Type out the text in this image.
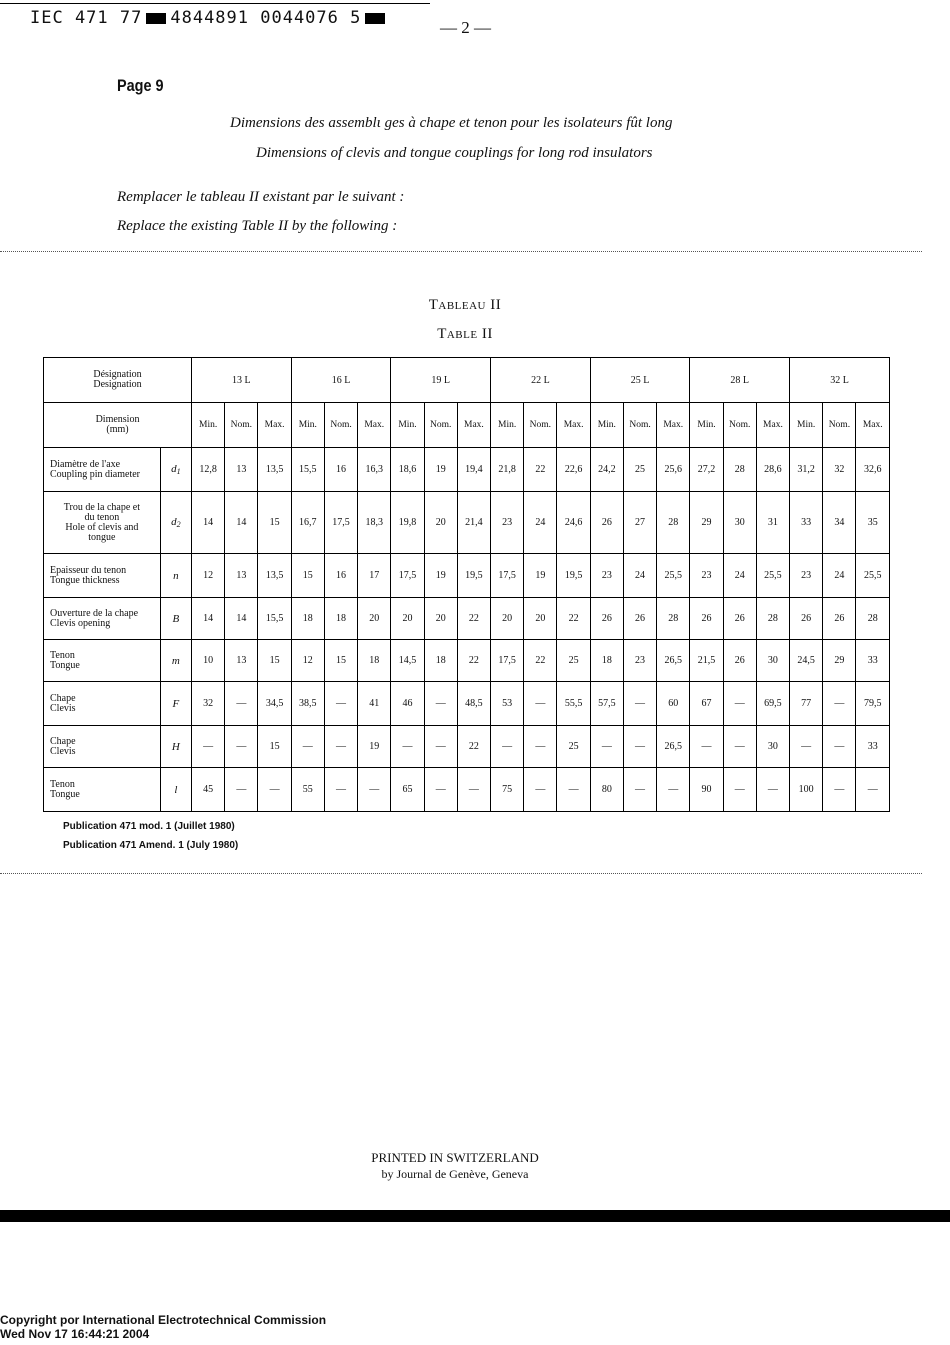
IEC 471 77 4844891 0044076 5	— 2 —
Page 9
Dimensions des assemblι ges à chape et tenon pour les isolateurs fût long
Dimensions of clevis and tongue couplings for long rod insulators
Remplacer le tableau II existant par le suivant :
Replace the existing Table II by the following :
Tableau II
Table II
Désignation
Designation		13 L			16 L			19 L			22 L			25 L			28 L			32 L		

Dimension
(mm)		Min.	Nom.	Max.	Min.	Nom.	Max.	Min.	Nom.	Max.	Min.	Nom.	Max.	Min.	Nom.	Max.	Min.	Nom.	Max.	Min.	Nom.	Max.

Diamètre de l'axe
Coupling pin diameter	$d_1$	12,8	13	13,5	15,5	16	16,3	18,6	19	19,4	21,8	22	22,6	24,2	25	25,6	27,2	28	28,6	31,2	32	32,6

Trou de la chape et
du tenon
Hole of clevis and
tongue	$d_2$	14	14	15	16,7	17,5	18,3	19,8	20	21,4	23	24	24,6	26	27	28	29	30	31	33	34	35

Epaisseur du tenon
Tongue thickness	n	12	13	13,5	15	16	17	17,5	19	19,5	17,5	19	19,5	23	24	25,5	23	24	25,5	23	24	25,5

Ouverture de la chape
Clevis opening	B	14	14	15,5	18	18	20	20	20	22	20	20	22	26	26	28	26	26	28	26	26	28

Tenon
Tongue	m	10	13	15	12	15	18	14,5	18	22	17,5	22	25	18	23	26,5	21,5	26	30	24,5	29	33

Chape
Clevis	F	32	—	34,5	38,5	—	41	46	—	48,5	53	—	55,5	57,5	—	60	67	—	69,5	77	—	79,5

Chape
Clevis	H	—	—	15	—	—	19	—	—	22	—	—	25	—	—	26,5	—	—	30	—	—	33

Tenon
Tongue	l	45	—	—	55	—	—	65	—	—	75	—	—	80	—	—	90	—	—	100	—	—
Publication 471 mod. 1 (Juillet 1980)
Publication 471 Amend. 1 (July 1980)
PRINTED IN SWITZERLAND
by Journal de Genève, Geneva
Copyright por International Electrotechnical Commission
Wed Nov 17 16:44:21 2004
